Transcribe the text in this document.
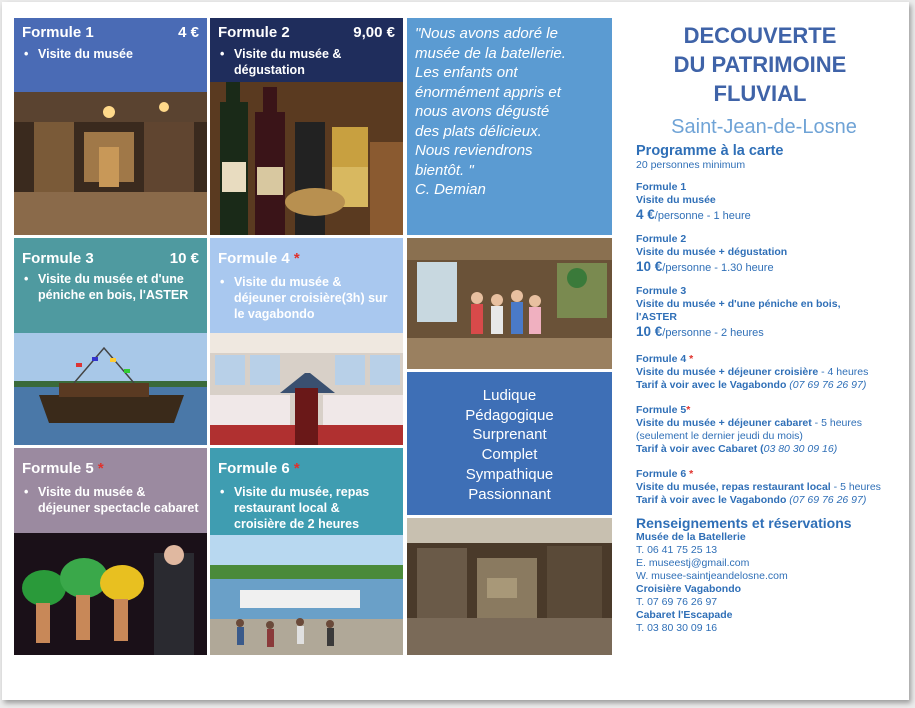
Formule 1	4 €
• Visite du musée
Formule 2	9,00 €
• Visite du musée & dégustation
"Nous avons adoré le
musée de la batellerie.
Les enfants ont
énormément appris et
nous avons dégusté
des plats délicieux.
Nous reviendrons
bientôt. "
C. Demian
Formule 3	10 €
• Visite du musée et d'une péniche en bois, l'ASTER
Formule 4
*
• Visite du musée & déjeuner croisière(3h) sur le vagabondo
Ludique
Pédagogique
Surprenant
Complet
Sympathique
Passionnant
Formule 5
*
• Visite du musée & déjeuner spectacle cabaret
Formule 6
*
• Visite du musée, repas restaurant local & croisière de 2 heures
DECOUVERTE
DU PATRIMOINE
FLUVIAL
Saint-Jean-de-Losne
Programme à la carte
20 personnes minimum
Formule 1
Visite du musée
4 €/personne - 1 heure
Formule 2
Visite du musée + dégustation
10 €/personne - 1.30 heure
Formule 3
Visite du musée + d'une péniche en bois,
l'ASTER
10 €/personne - 2 heures
Formule 4 *
Visite du musée + déjeuner croisière - 4 heures
Tarif à voir avec le Vagabondo (07 69 76 26 97)
Formule 5*
Visite du musée + déjeuner cabaret - 5 heures
(seulement le dernier jeudi du mois)
Tarif à voir avec Cabaret (03 80 30 09 16)
Formule 6 *
Visite du musée, repas restaurant local - 5 heures
Tarif à voir avec le Vagabondo (07 69 76 26 97)
Renseignements et réservations
Musée de la Batellerie
T. 06 41 75 25 13
E. museestj@gmail.com
W. musee-saintjeandelosne.com
Croisière Vagabondo
T. 07 69 76 26 97
Cabaret l'Escapade
T. 03 80 30 09 16
